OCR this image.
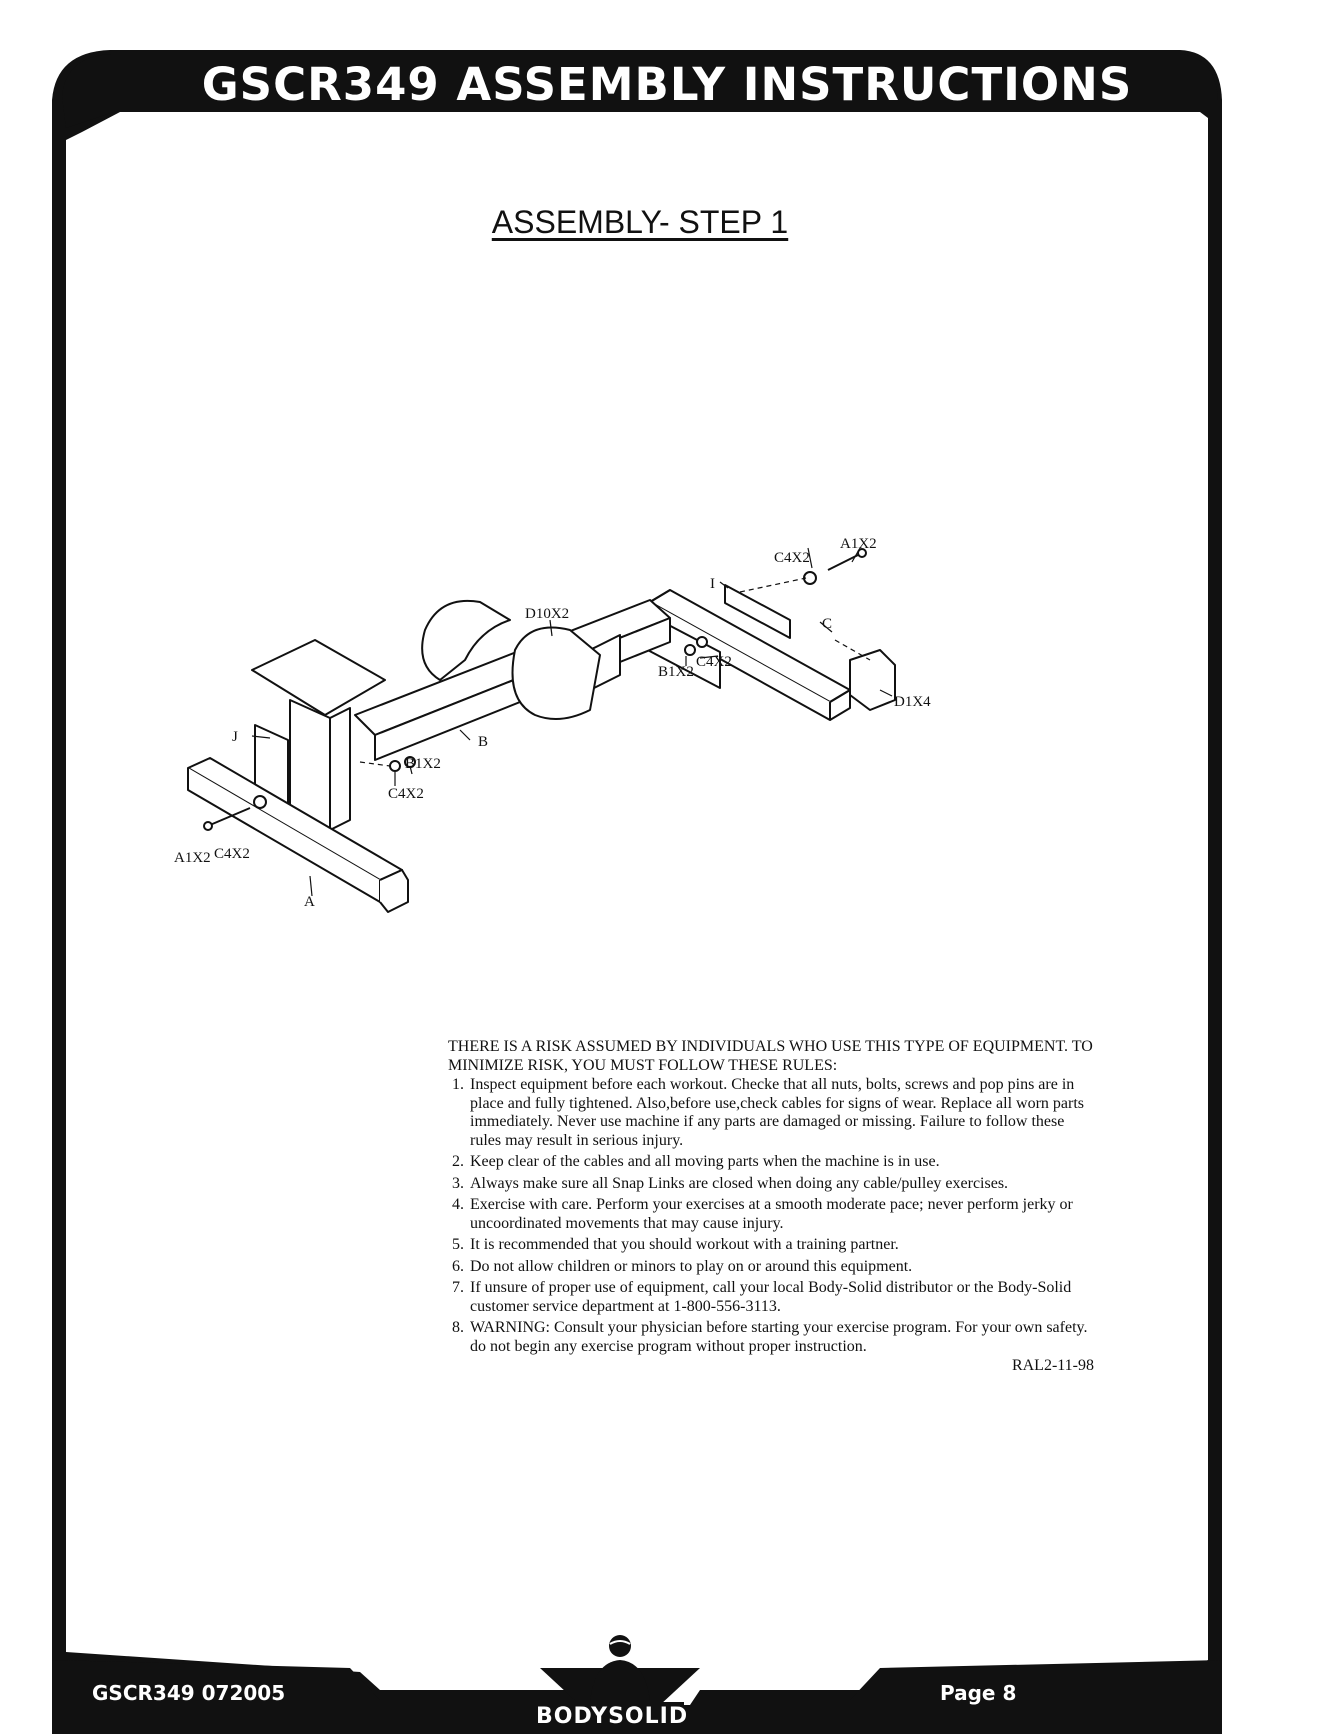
GSCR349 ASSEMBLY INSTRUCTIONS
ASSEMBLY- STEP 1
A1X2
C4X2
I
C
D10X2
C4X2
B1X2
D1X4
J	B
B1X2
C4X2
A1X2 C4X2
A

THERE IS A RISK ASSUMED BY INDIVIDUALS WHO USE THIS TYPE OF EQUIPMENT. TO MINIMIZE RISK, YOU MUST FOLLOW THESE RULES:

1. Inspect equipment before each workout. Checke that all nuts, bolts, screws and pop pins are in place and fully tightened. Also,before use,check cables for signs of wear. Replace all worn parts immediately. Never use machine if any parts are damaged or missing. Failure to follow these rules may result in serious injury.
2. Keep clear of the cables and all moving parts when the machine is in use.
3. Always make sure all Snap Links are closed when doing any cable/pulley exercises.
4. Exercise with care. Perform your exercises at a smooth moderate pace; never perform jerky or uncoordinated movements that may cause injury.
5. It is recommended that you should workout with a training partner.
6. Do not allow children or minors to play on or around this equipment.
7. If unsure of proper use of equipment, call your local Body-Solid distributor or the Body-Solid customer service department at 1-800-556-3113.
8. WARNING: Consult your physician before starting your exercise program. For your own safety. do not begin any exercise program without proper instruction.
RAL2-11-98
GSCR349 072005	Page 8
BODYSOLID
